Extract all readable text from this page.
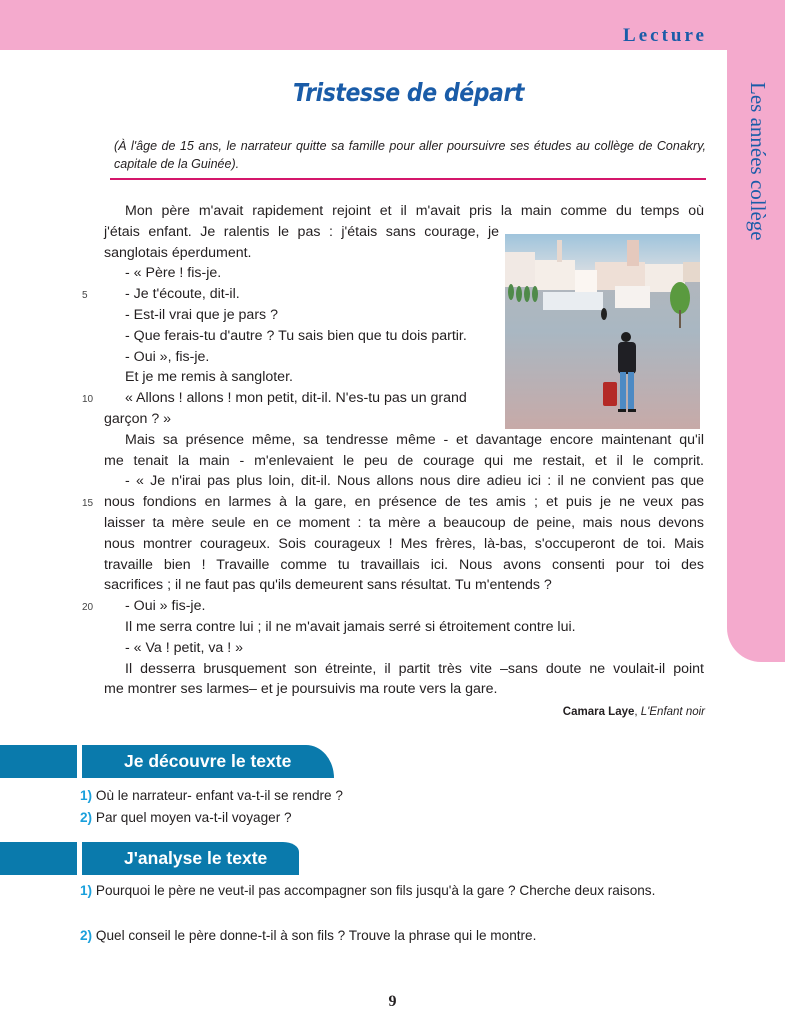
Lecture
Les années collège
Tristesse de départ
(À l'âge de 15 ans, le narrateur quitte sa famille pour aller poursuivre ses études au collège de Conakry, capitale de la Guinée).
Mon père m'avait rapidement rejoint et il m'avait pris la main comme du temps où
j'étais enfant. Je ralentis le pas : j'étais sans courage, je
sanglotais éperdument.
- « Père ! fis-je.
5	- Je t'écoute, dit-il.
- Est-il vrai que je pars ?
- Que ferais-tu d'autre ? Tu sais bien que tu dois partir.
- Oui », fis-je.
Et je me remis à sangloter.
10 « Allons ! allons ! mon petit, dit-il. N'es-tu pas un grand
garçon ? »
Mais sa présence même, sa tendresse même - et davantage encore maintenant qu'il
me tenait la main - m'enlevaient le peu de courage qui me restait, et il le comprit.
- « Je n'irai pas plus loin, dit-il. Nous allons nous dire adieu ici : il ne convient pas que
15 nous fondions en larmes à la gare, en présence de tes amis ; et puis je ne veux pas
laisser ta mère seule en ce moment : ta mère a beaucoup de peine, mais nous devons
nous montrer courageux. Sois courageux ! Mes frères, là-bas, s'occuperont de toi. Mais
travaille bien ! Travaille comme tu travaillais ici. Nous avons consenti pour toi des
sacrifices ; il ne faut pas qu'ils demeurent sans résultat. Tu m'entends ?
20 - Oui » fis-je.
Il me serra contre lui ; il ne m'avait jamais serré si étroitement contre lui.
- « Va ! petit, va ! »
Il desserra brusquement son étreinte, il partit très vite –sans doute ne voulait-il point
me montrer ses larmes– et je poursuivis ma route vers la gare.
Camara Laye, L'Enfant noir
Je découvre le texte
1) Où le narrateur- enfant va-t-il se rendre ?
2) Par quel moyen va-t-il voyager ?
J'analyse le texte
1) Pourquoi le père ne veut-il pas accompagner son fils jusqu'à la gare ? Cherche deux raisons.
2) Quel conseil le père donne-t-il à son fils ? Trouve la phrase qui le montre.
9
